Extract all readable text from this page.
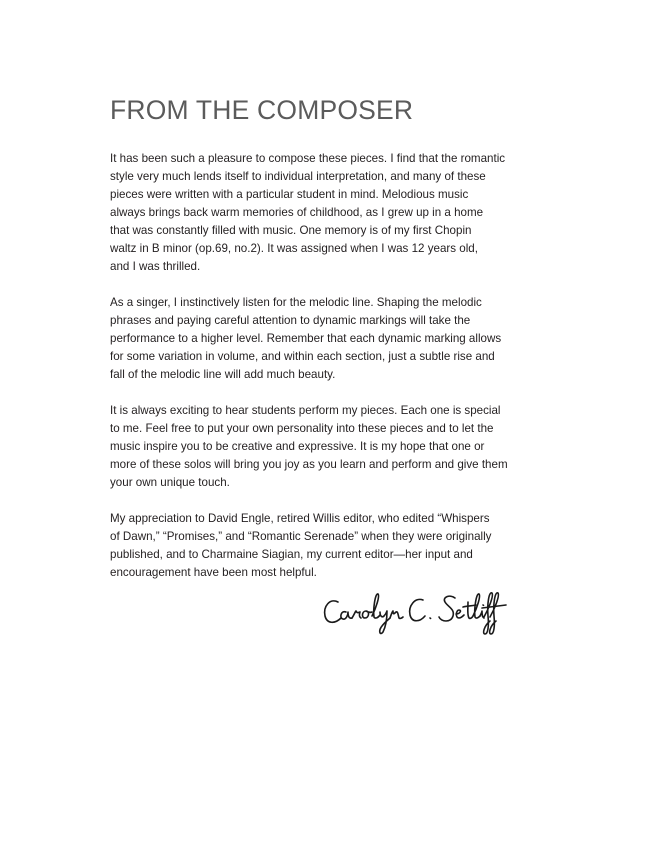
FROM THE COMPOSER

It has been such a pleasure to compose these pieces. I find that the romantic
style very much lends itself to individual interpretation, and many of these
pieces were written with a particular student in mind. Melodious music
always brings back warm memories of childhood, as I grew up in a home
that was constantly filled with music. One memory is of my first Chopin
waltz in B minor (op.69, no.2). It was assigned when I was 12 years old,
and I was thrilled.

As a singer, I instinctively listen for the melodic line. Shaping the melodic
phrases and paying careful attention to dynamic markings will take the
performance to a higher level. Remember that each dynamic marking allows
for some variation in volume, and within each section, just a subtle rise and
fall of the melodic line will add much beauty.

It is always exciting to hear students perform my pieces. Each one is special
to me. Feel free to put your own personality into these pieces and to let the
music inspire you to be creative and expressive. It is my hope that one or
more of these solos will bring you joy as you learn and perform and give them
your own unique touch.

My appreciation to David Engle, retired Willis editor, who edited “Whispers
of Dawn,” “Promises,” and “Romantic Serenade” when they were originally
published, and to Charmaine Siagian, my current editor—her input and
encouragement have been most helpful.
